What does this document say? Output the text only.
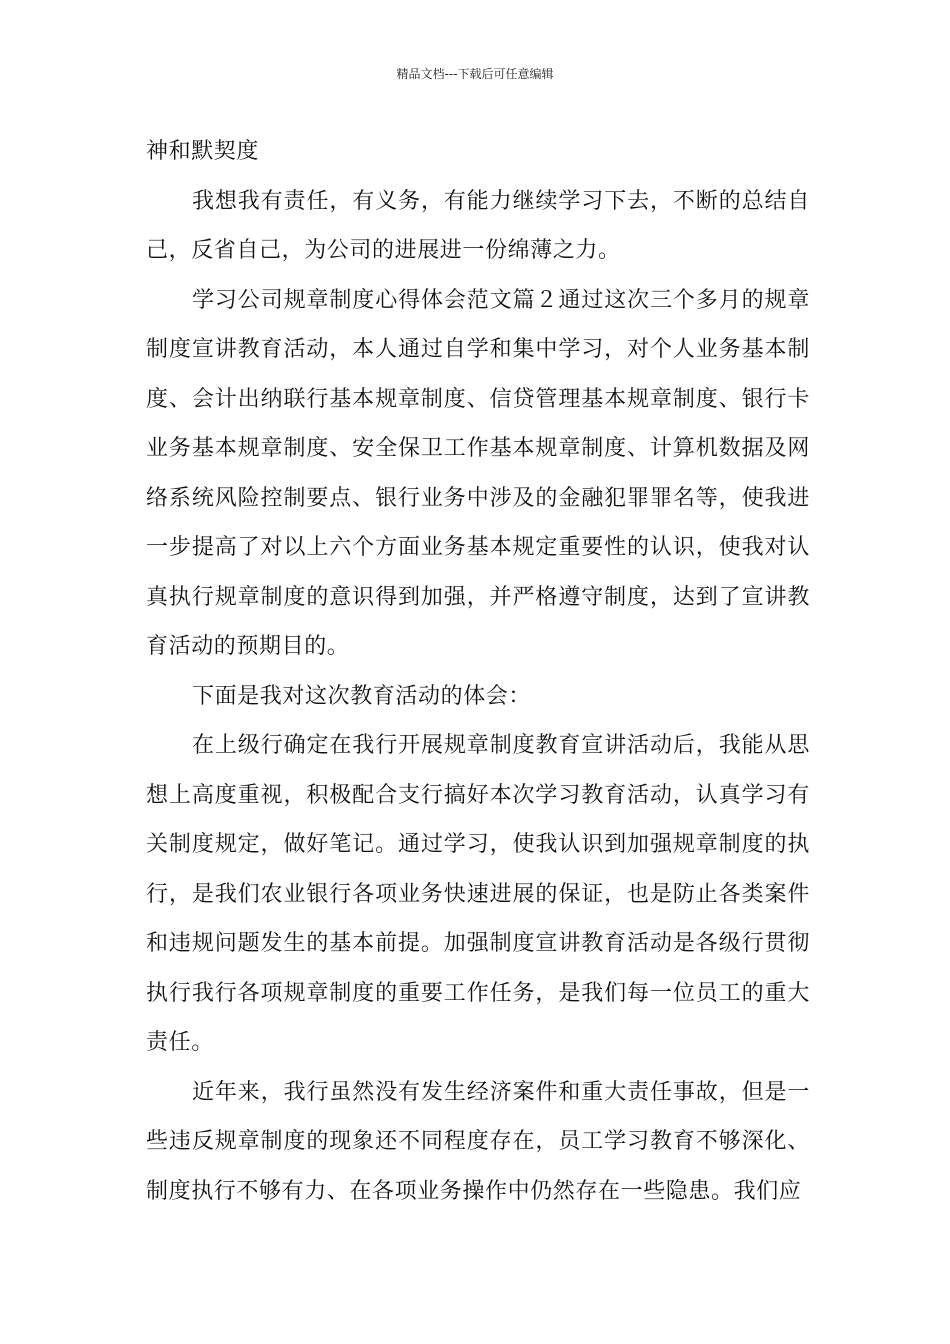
精品文档---下载后可任意编辑

神和默契度

我想我有责任，有义务，有能力继续学习下去，不断的总结自己，反省自己，为公司的进展进一份绵薄之力。

学习公司规章制度心得体会范文篇２通过这次三个多月的规章制度宣讲教育活动，本人通过自学和集中学习，对个人业务基本制度、会计出纳联行基本规章制度、信贷管理基本规章制度、银行卡业务基本规章制度、安全保卫工作基本规章制度、计算机数据及网络系统风险控制要点、银行业务中涉及的金融犯罪罪名等，使我进一步提高了对以上六个方面业务基本规定重要性的认识，使我对认真执行规章制度的意识得到加强，并严格遵守制度，达到了宣讲教育活动的预期目的。

下面是我对这次教育活动的体会：

在上级行确定在我行开展规章制度教育宣讲活动后，我能从思想上高度重视，积极配合支行搞好本次学习教育活动，认真学习有关制度规定，做好笔记。通过学习，使我认识到加强规章制度的执行，是我们农业银行各项业务快速进展的保证，也是防止各类案件和违规问题发生的基本前提。加强制度宣讲教育活动是各级行贯彻执行我行各项规章制度的重要工作任务，是我们每一位员工的重大责任。

近年来，我行虽然没有发生经济案件和重大责任事故，但是一些违反规章制度的现象还不同程度存在，员工学习教育不够深化、制度执行不够有力、在各项业务操作中仍然存在一些隐患。我们应
